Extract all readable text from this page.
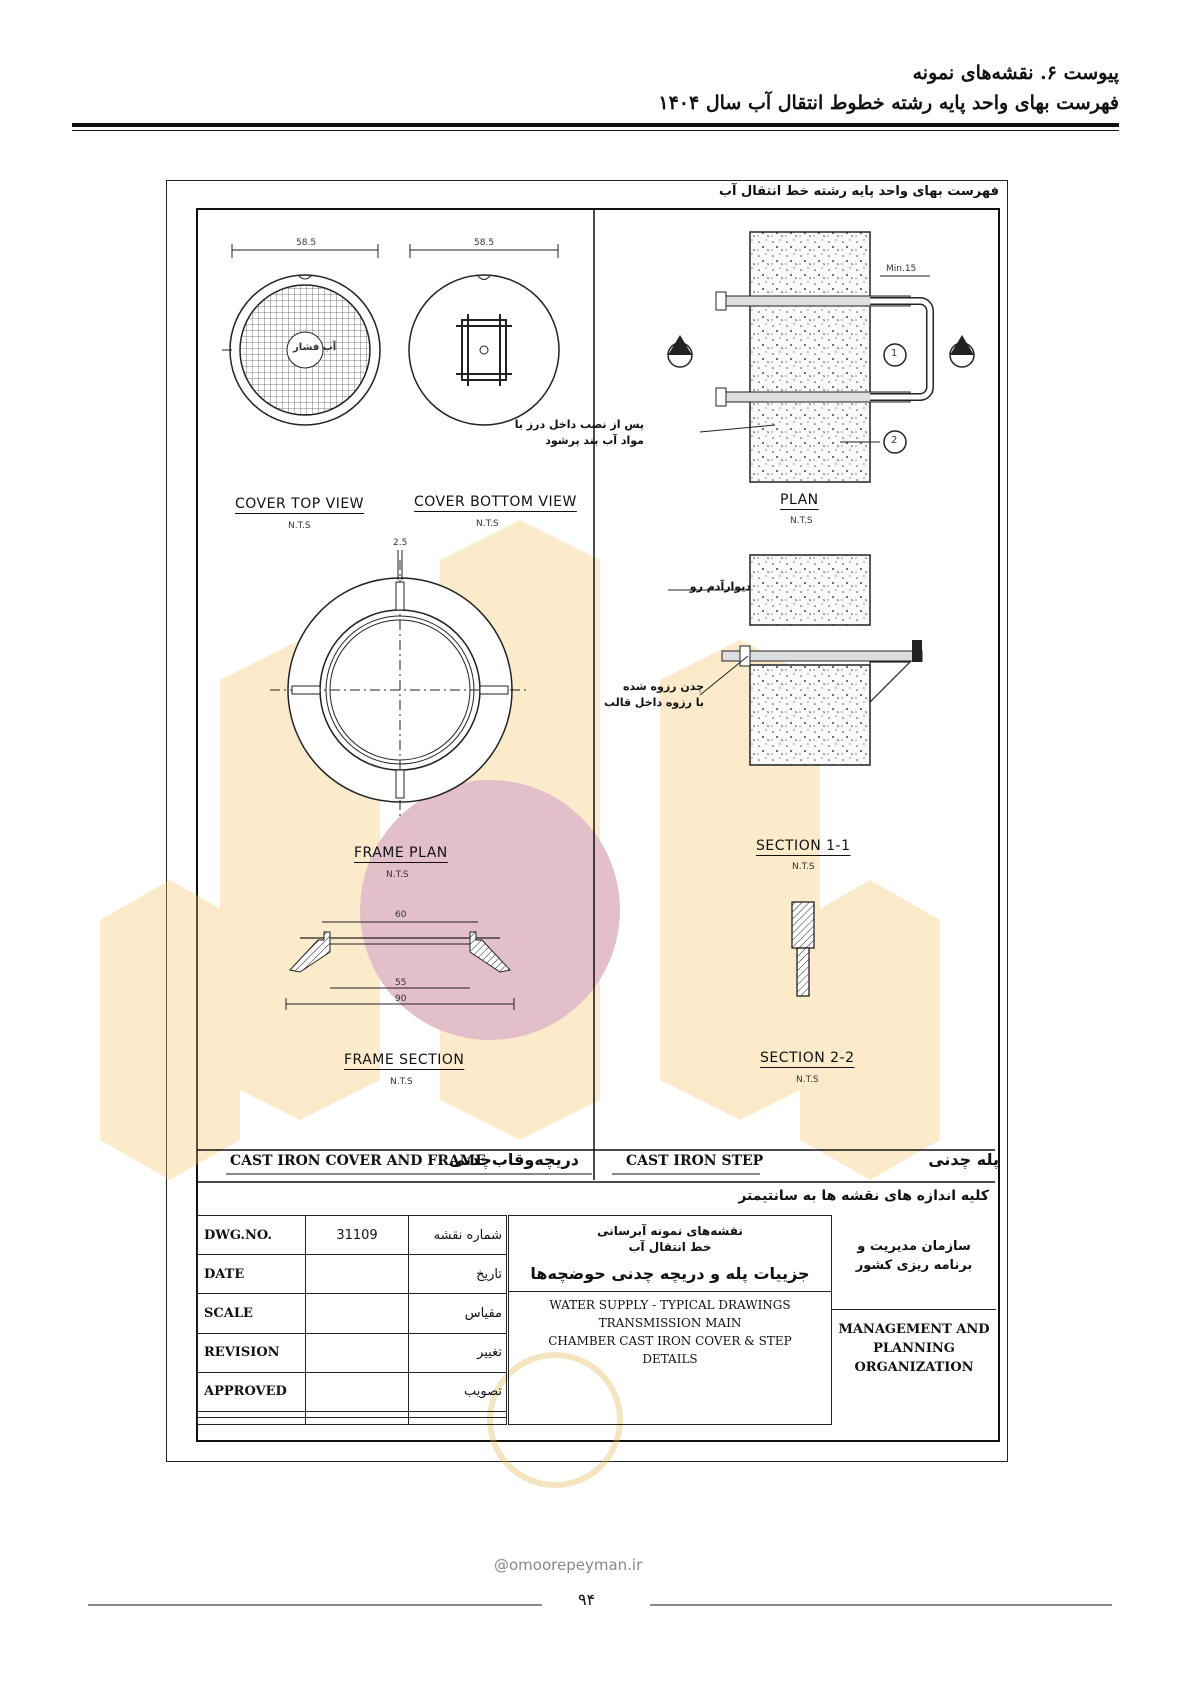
پیوست ۶. نقشه‌های نمونه
فهرست بهای واحد پایه رشته خطوط انتقال آب سال ۱۴۰۴
فهرست بهای واحد پایه رشته خط انتقال آب
58.5
آب فشار
58.5
2.5
60
55
90
Min.15
1
2
پس از نصب داخل درز با
مواد آب بند پرشود
دیوارآدم رو
چدن رزوه شده
با رزوه داخل قالب
COVER TOP VIEW
N.T.S
COVER BOTTOM VIEW
N.T.S
FRAME PLAN
N.T.S
FRAME SECTION
N.T.S
PLAN
N.T.S
SECTION 1-1
N.T.S
SECTION 2-2
N.T.S
CAST IRON COVER AND FRAME
دریچه‌وقاب‌چدنی	CAST IRON STEP	پله چدنی
کلیه اندازه های نقشه ها به سانتیمتر
DWG.NO.	31109	شماره نقشه
DATE		تاریخ
SCALE		مقیاس
REVISION		تغییر
APPROVED		تصویب

نقشه‌های نمونه آبرسانی
خط انتقال آب
جزییات پله و دریچه چدنی حوضچه‌ها
WATER SUPPLY - TYPICAL DRAWINGS
TRANSMISSION MAIN
CHAMBER CAST IRON COVER & STEP
DETAILS
سازمان مدیریت و
برنامه ریزی کشور
MANAGEMENT AND
PLANNING
ORGANIZATION
@omoorepeyman.ir
۹۴
